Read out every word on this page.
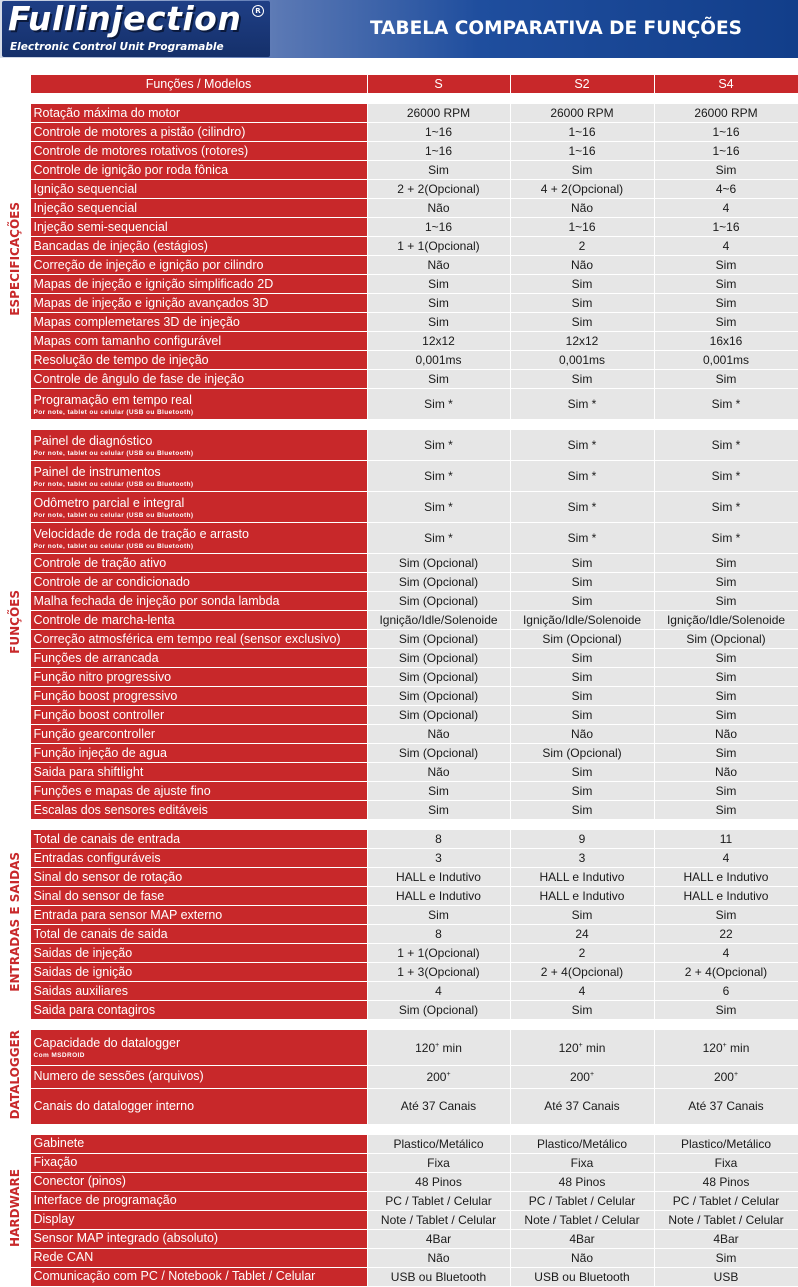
Fullinjection	R
Electronic Control Unit Programable
TABELA COMPARATIVA DE FUNÇÕES

	Funções / Modelos	S	S2	S4

ESPECIFICAÇÕES	Rotação máxima do motor	26000 RPM	26000 RPM	26000 RPM

	Controle de motores a pistão (cilindro)	1~16	1~16	1~16

	Controle de motores rotativos (rotores)	1~16	1~16	1~16

	Controle de ignição por roda fônica	Sim	Sim	Sim

	Ignição sequencial	2 + 2(Opcional)	4 + 2(Opcional)	4~6

	Injeção sequencial	Não	Não	4

	Injeção semi-sequencial	1~16	1~16	1~16

	Bancadas de injeção (estágios)	1 + 1(Opcional)	2	4

	Correção de injeção e ignição por cilindro	Não	Não	Sim

	Mapas de injeção e ignição simplificado 2D	Sim	Sim	Sim

	Mapas de injeção e ignição avançados 3D	Sim	Sim	Sim

	Mapas complemetares 3D de injeção	Sim	Sim	Sim

	Mapas com tamanho configurável	12x12	12x12	16x16

	Resolução de tempo de injeção	0,001ms	0,001ms	0,001ms

	Controle de ângulo de fase de injeção	Sim	Sim	Sim

	Programação em tempo real
Por note, tablet ou celular (USB ou Bluetooth)	Sim *	Sim *	Sim *

FUNÇÕES	Painel de diagnóstico
Por note, tablet ou celular (USB ou Bluetooth)	Sim *	Sim *	Sim *

	Painel de instrumentos
Por note, tablet ou celular (USB ou Bluetooth)	Sim *	Sim *	Sim *

	Odômetro parcial e integral
Por note, tablet ou celular (USB ou Bluetooth)	Sim *	Sim *	Sim *

	Velocidade de roda de tração e arrasto
Por note, tablet ou celular (USB ou Bluetooth)	Sim *	Sim *	Sim *

	Controle de tração ativo	Sim (Opcional)	Sim	Sim

	Controle de ar condicionado	Sim (Opcional)	Sim	Sim

	Malha fechada de injeção por sonda lambda	Sim (Opcional)	Sim	Sim

	Controle de marcha-lenta	Ignição/Idle/Solenoide	Ignição/Idle/Solenoide	Ignição/Idle/Solenoide

	Correção atmosférica em tempo real (sensor exclusivo)	Sim (Opcional)	Sim (Opcional)	Sim (Opcional)

	Funções de arrancada	Sim (Opcional)	Sim	Sim

	Função nitro progressivo	Sim (Opcional)	Sim	Sim

	Função boost progressivo	Sim (Opcional)	Sim	Sim

	Função boost controller	Sim (Opcional)	Sim	Sim

	Função gearcontroller	Não	Não	Não

	Função injeção de agua	Sim (Opcional)	Sim (Opcional)	Sim

	Saida para shiftlight	Não	Sim	Não

	Funções e mapas de ajuste fino	Sim	Sim	Sim

	Escalas dos sensores editáveis	Sim	Sim	Sim

ENTRADAS E SAIDAS	Total de canais de entrada	8	9	11

	Entradas configuráveis	3	3	4

	Sinal do sensor de rotação	HALL e Indutivo	HALL e Indutivo	HALL e Indutivo

	Sinal do sensor de fase	HALL e Indutivo	HALL e Indutivo	HALL e Indutivo

	Entrada para sensor MAP externo	Sim	Sim	Sim

	Total de canais de saida	8	24	22

	Saidas de injeção	1 + 1(Opcional)	2	4

	Saidas de ignição	1 + 3(Opcional)	2 + 4(Opcional)	2 + 4(Opcional)

	Saidas auxiliares	4	4	6

	Saida para contagiros	Sim (Opcional)	Sim	Sim

DATALOGGER	Capacidade do datalogger
Com MSDROID	120+ min	120+ min	120+ min

	Numero de sessões (arquivos)	200+	200+	200+

	Canais do datalogger interno	Até 37 Canais	Até 37 Canais	Até 37 Canais

HARDWARE	Gabinete	Plastico/Metálico	Plastico/Metálico	Plastico/Metálico

	Fixação	Fixa	Fixa	Fixa

	Conector (pinos)	48 Pinos	48 Pinos	48 Pinos

	Interface de programação	PC / Tablet / Celular	PC / Tablet / Celular	PC / Tablet / Celular

	Display	Note / Tablet / Celular	Note / Tablet / Celular	Note / Tablet / Celular

	Sensor MAP integrado (absoluto)	4Bar	4Bar	4Bar

	Rede CAN	Não	Não	Sim

	Comunicação com PC / Notebook / Tablet / Celular	USB ou Bluetooth	USB ou Bluetooth	USB
